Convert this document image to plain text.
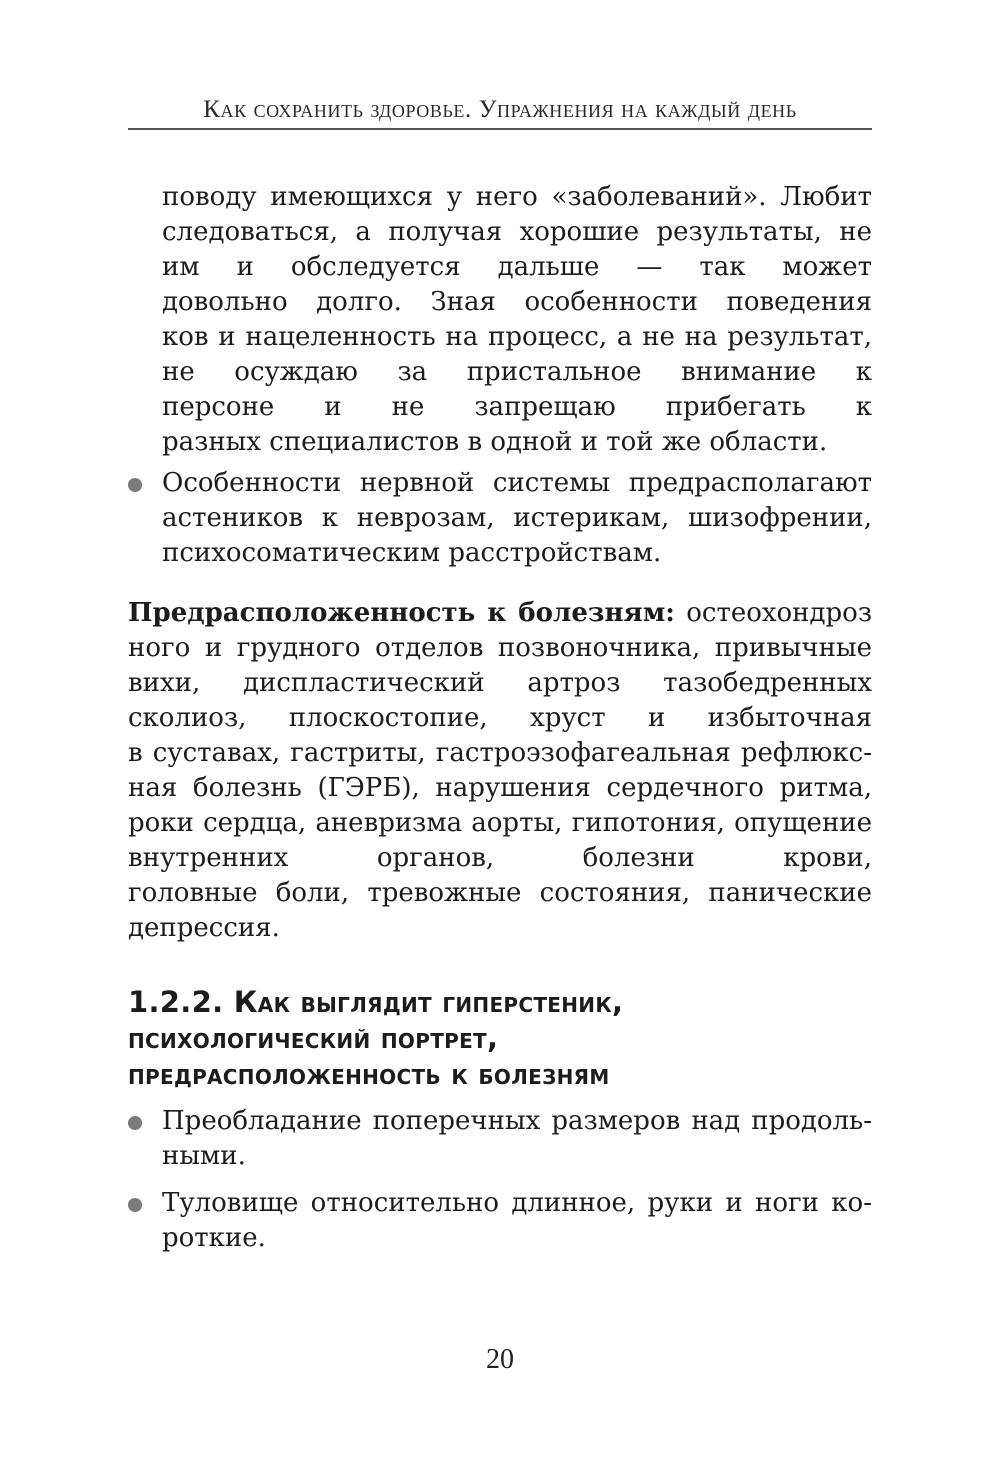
Как сохранить здоровье. Упражнения на каждый день
поводу имеющихся у него «заболеваний». Любит
следоваться, а получая хорошие результаты, не
им и обследуется дальше — так может
довольно долго. Зная особенности поведения
ков и нацеленность на процесс, а не на результат,
не осуждаю за пристальное внимание к
персоне и не запрещаю прибегать к
разных специалистов в одной и той же области.
Особенности нервной системы предрасполагают
астеников к неврозам, истерикам, шизофрении,
психосоматическим расстройствам.
Предрасположенность к болезням: остеохондроз
ного и грудного отделов позвоночника, привычные
вихи, диспластический артроз тазобедренных
сколиоз, плоскостопие, хруст и избыточная
в суставах, гастриты, гастроэзофагеальная рефлюкс-
ная болезнь (ГЭРБ), нарушения сердечного ритма,
роки сердца, аневризма аорты, гипотония, опущение
внутренних органов, болезни крови,
головные боли, тревожные состояния, панические
депрессия.
1.2.2. Как выглядит гиперстеник,
психологический портрет,
предрасположенность к болезням
Преобладание поперечных размеров над продоль-
ными.
Туловище относительно длинное, руки и ноги ко-
роткие.
20
